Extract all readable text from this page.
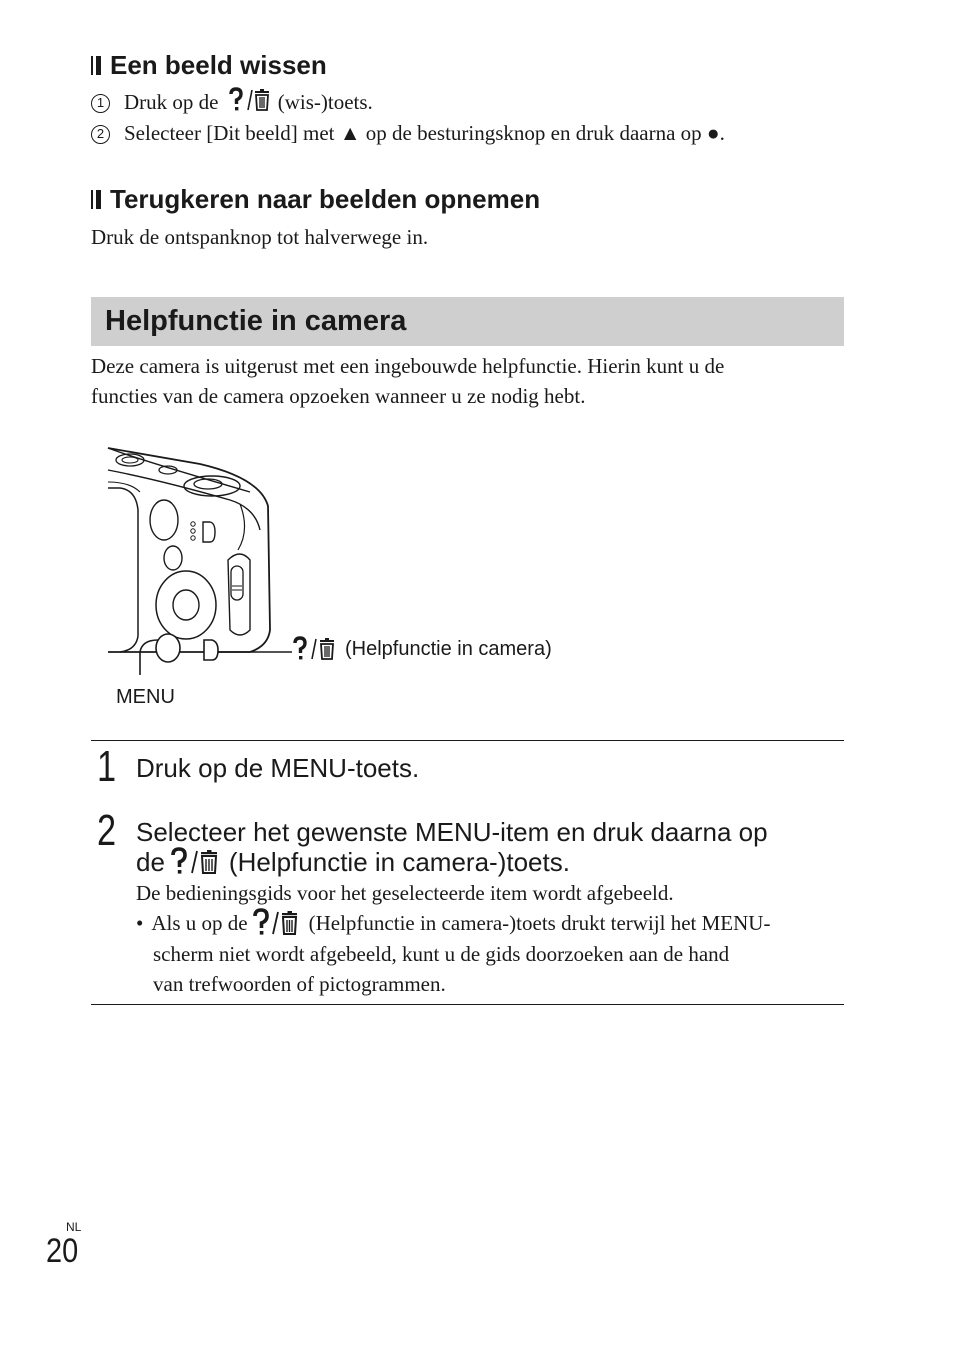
Een beeld wissen
1 Druk op de	(wis-)toets.
2 Selecteer [Dit beeld] met ▲ op de besturingsknop en druk daarna op ●.
Terugkeren naar beelden opnemen
Druk de ontspanknop tot halverwege in.
Helpfunctie in camera
Deze camera is uitgerust met een ingebouwde helpfunctie. Hierin kunt u de
functies van de camera opzoeken wanneer u ze nodig hebt.
(Helpfunctie in camera)
MENU
1 Druk op de MENU-toets.
2 Selecteer het gewenste MENU-item en druk daarna op
de (Helpfunctie in camera-)toets.
De bedieningsgids voor het geselecteerde item wordt afgebeeld.
• Als u op de	(Helpfunctie in camera-)toets drukt terwijl het MENU-
scherm niet wordt afgebeeld, kunt u de gids doorzoeken aan de hand
van trefwoorden of pictogrammen.
NL
20
